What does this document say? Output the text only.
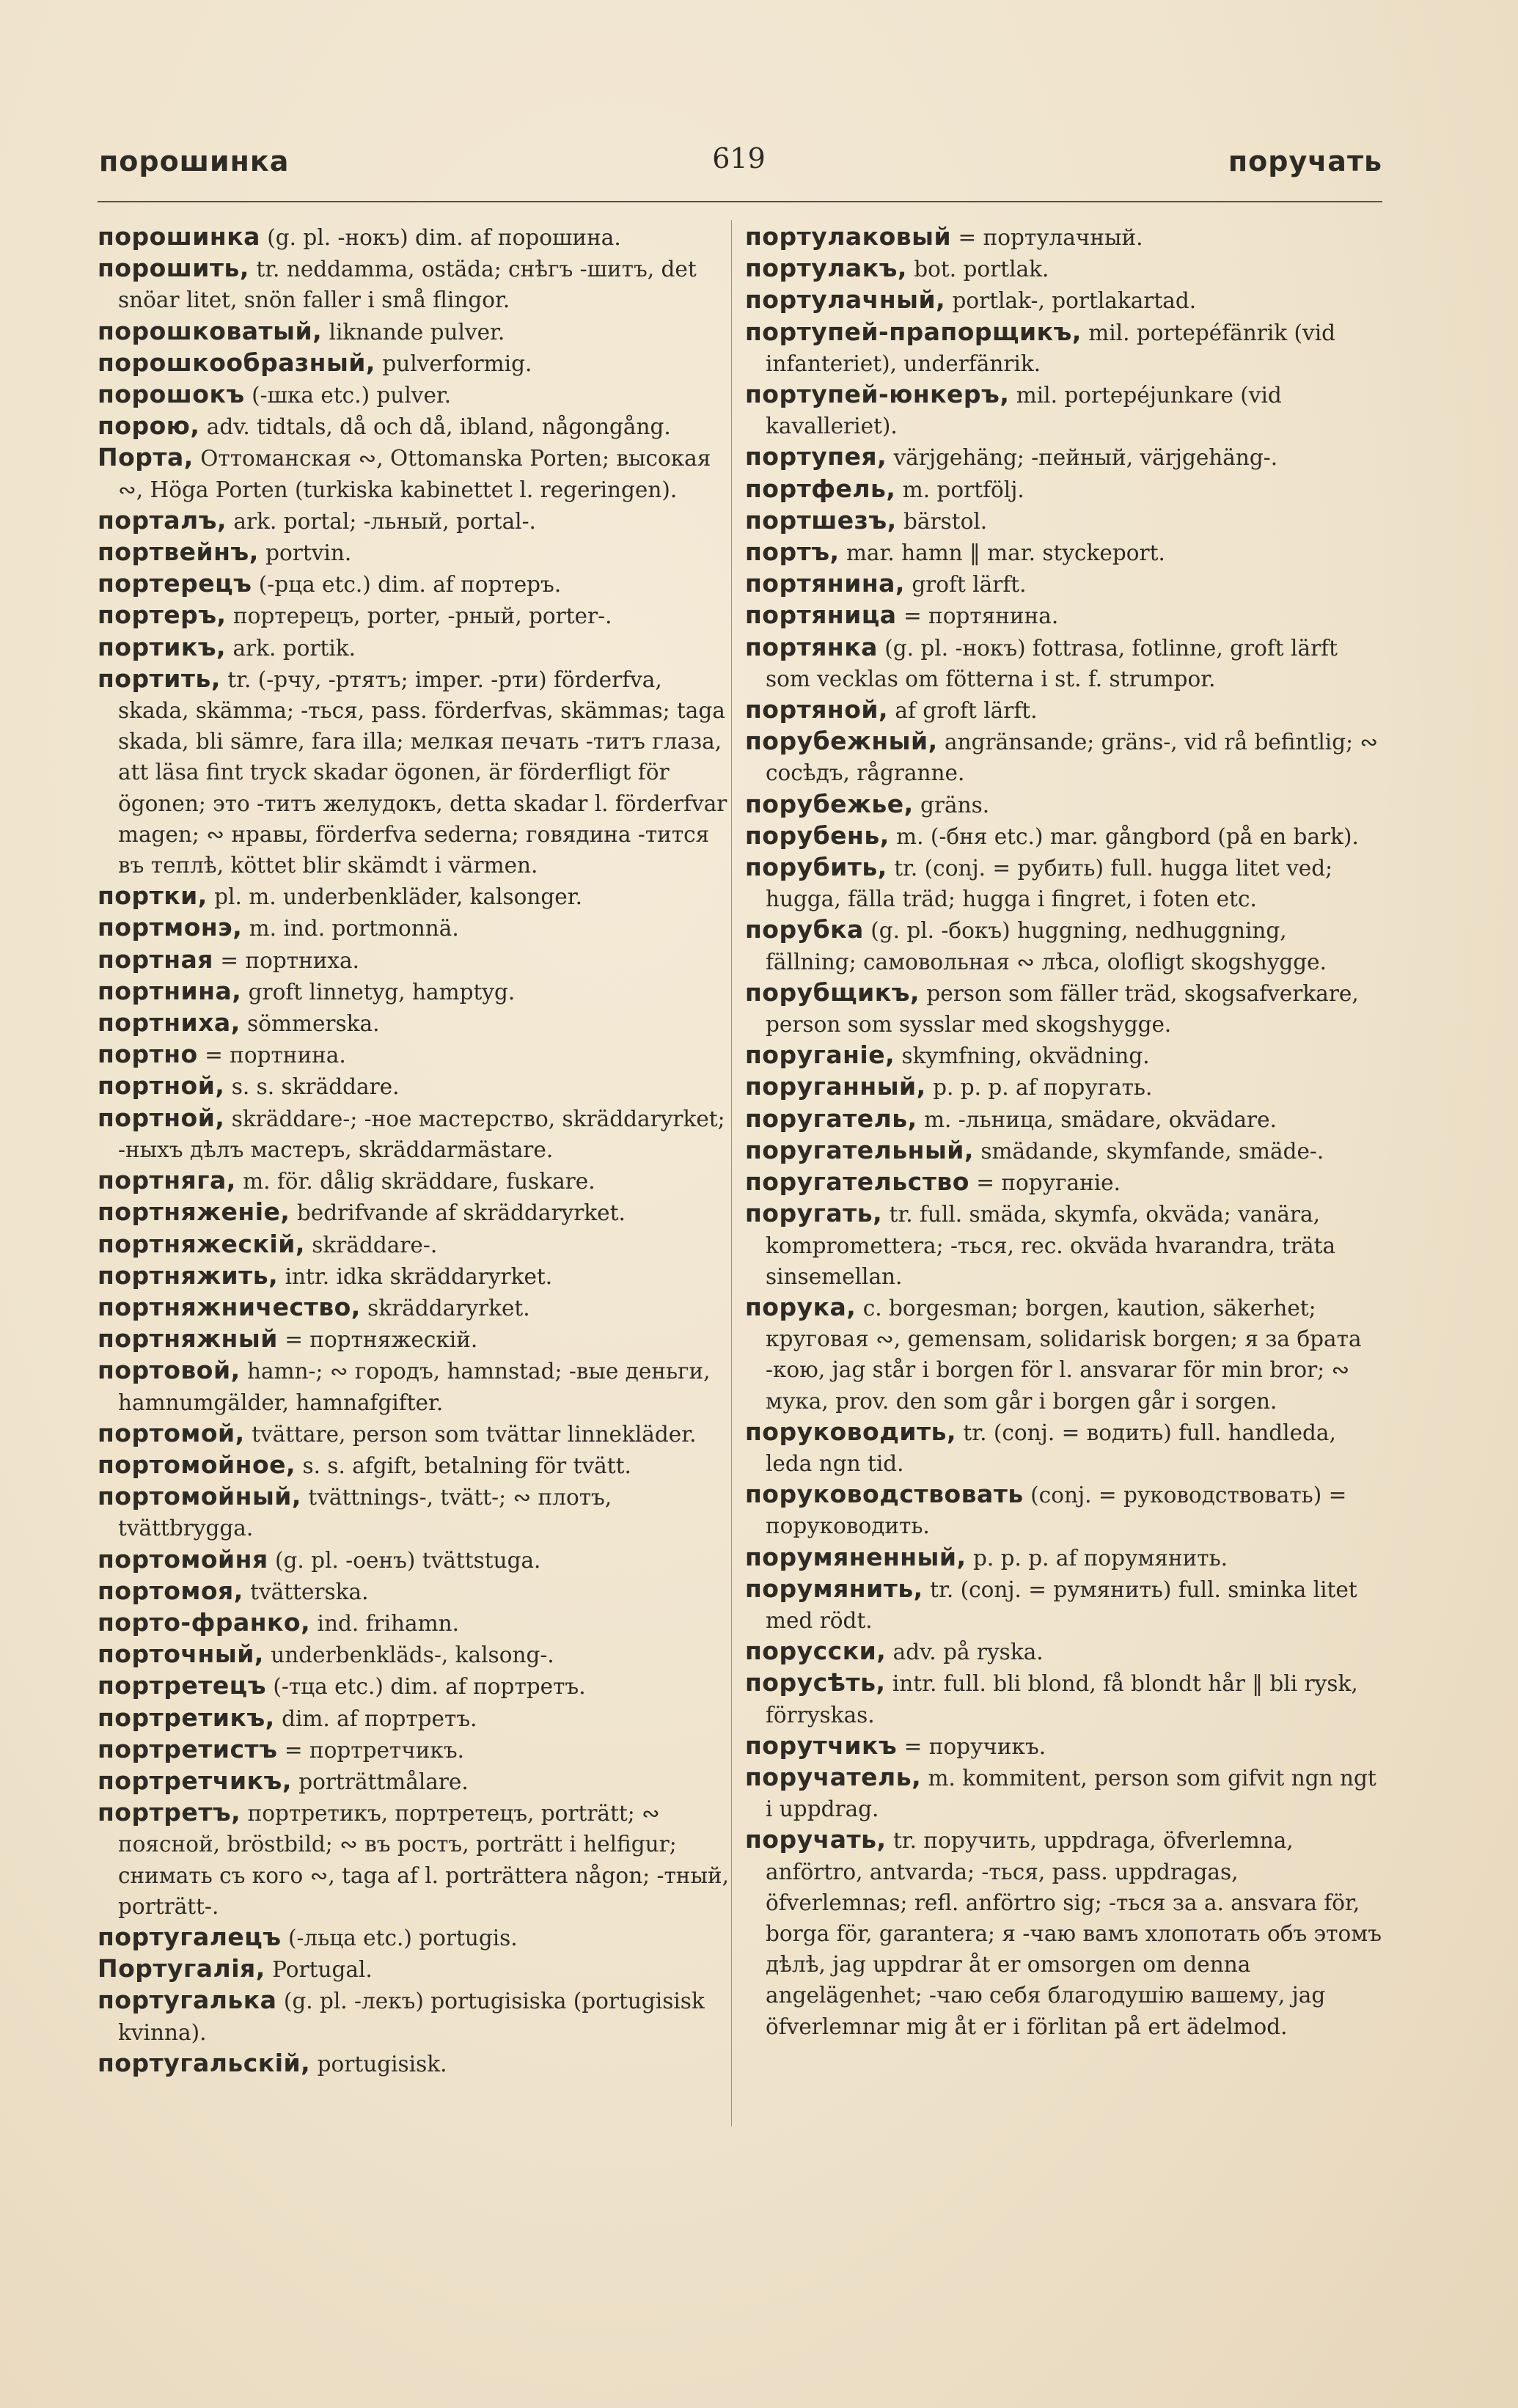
порошинка	619	поручать

порошинка (g. pl. -нокъ) dim. af порошина.

порошить, tr. neddamma, ostäda; снѣгъ -шитъ, det snöar litet, snön faller i små flingor.

порошковатый, liknande pulver.

порошкообразный, pulverformig.

порошокъ (-шка etc.) pulver.

порою, adv. tidtals, då och då, ibland, någongång.

Порта, Оттоманская ∾, Ottomanska Porten; высокая ∾, Höga Porten (turkiska kabinettet l. regeringen).

порталъ, ark. portal; -льный, portal-.

портвейнъ, portvin.

портерецъ (-рца etc.) dim. af портеръ.

портеръ, портерецъ, porter, -рный, porter-.

портикъ, ark. portik.

портить, tr. (-рчу, -ртятъ; imper. -рти) förderfva, skada, skämma; -ться, pass. förderfvas, skämmas; taga skada, bli sämre, fara illa; мелкая печать -титъ глаза, att läsa fint tryck skadar ögonen, är förderfligt för ögonen; это -титъ желудокъ, detta skadar l. förderfvar magen; ∾ нравы, förderfva sederna; говядина -тится въ теплѣ, köttet blir skämdt i värmen.

портки, pl. m. underbenkläder, kalsonger.

портмонэ, m. ind. portmonnä.

портная = портниха.

портнина, groft linnetyg, hamptyg.

портниха, sömmerska.

портно = портнина.

портной, s. s. skräddare.

портной, skräddare-; -ное мастерство, skräddaryrket; -ныхъ дѣлъ мастеръ, skräddarmästare.

портняга, m. för. dålig skräddare, fuskare.

портняженіе, bedrifvande af skräddaryrket.

портняжескій, skräddare-.

портняжить, intr. idka skräddaryrket.

портняжничество, skräddaryrket.

портняжный = портняжескій.

портовой, hamn-; ∾ городъ, hamnstad; -вые деньги, hamnumgälder, hamnafgifter.

портомой, tvättare, person som tvättar linnekläder.

портомойное, s. s. afgift, betalning för tvätt.

портомойный, tvättnings-, tvätt-; ∾ плотъ, tvättbrygga.

портомойня (g. pl. -оенъ) tvättstuga.

портомоя, tvätterska.

порто-франко, ind. frihamn.

порточный, underbenkläds-, kalsong-.

портретецъ (-тца etc.) dim. af портретъ.

портретикъ, dim. af портретъ.

портретистъ = портретчикъ.

портретчикъ, porträttmålare.

портретъ, портретикъ, портретецъ, porträtt; ∾ поясной, bröstbild; ∾ въ ростъ, porträtt i helfigur; снимать съ кого ∾, taga af l. porträttera någon; -тный, porträtt-.

португалецъ (-льца etc.) portugis.

Португалія, Portugal.

португалька (g. pl. -лекъ) portugisiska (portugisisk kvinna).

португальскій, portugisisk.

портулаковый = портулачный.

портулакъ, bot. portlak.

портулачный, portlak-, portlakartad.

портупей-прапорщикъ, mil. portepéfänrik (vid infanteriet), underfänrik.

портупей-юнкеръ, mil. portepéjunkare (vid kavalleriet).

портупея, värjgehäng; -пейный, värjgehäng-.

портфель, m. portfölj.

портшезъ, bärstol.

портъ, mar. hamn ‖ mar. styckeport.

портянина, groft lärft.

портяница = портянина.

портянка (g. pl. -нокъ) fottrasa, fotlinne, groft lärft som vecklas om fötterna i st. f. strumpor.

портяной, af groft lärft.

порубежный, angränsande; gräns-, vid rå befintlig; ∾ сосѣдъ, rågranne.

порубежье, gräns.

порубень, m. (-бня etc.) mar. gångbord (på en bark).

порубить, tr. (conj. = рубить) full. hugga litet ved; hugga, fälla träd; hugga i fingret, i foten etc.

порубка (g. pl. -бокъ) huggning, nedhuggning, fällning; самовольная ∾ лѣса, olofligt skogshygge.

порубщикъ, person som fäller träd, skogsafverkare, person som sysslar med skogshygge.

поруганіе, skymfning, okvädning.

поруганный, p. p. p. af поругать.

поругатель, m. -льница, smädare, okvädare.

поругательный, smädande, skymfande, smäde-.

поругательство = поруганіе.

поругать, tr. full. smäda, skymfa, okväda; vanära, kompromettera; -ться, rec. okväda hvarandra, träta sinsemellan.

порука, c. borgesman; borgen, kaution, säkerhet; круговая ∾, gemensam, solidarisk borgen; я за брата -кою, jag står i borgen för l. ansvarar för min bror; ∾ мука, prov. den som går i borgen går i sorgen.

поруководить, tr. (conj. = водить) full. handleda, leda ngn tid.

поруководствовать (conj. = руководствовать) = поруководить.

порумяненный, p. p. p. af порумянить.

порумянить, tr. (conj. = румянить) full. sminka litet med rödt.

порусски, adv. på ryska.

порусѣть, intr. full. bli blond, få blondt hår ‖ bli rysk, förryskas.

порутчикъ = поручикъ.

поручатель, m. kommitent, person som gifvit ngn ngt i uppdrag.

поручать, tr. поручить, uppdraga, öfverlemna, anförtro, antvarda; -ться, pass. uppdragas, öfverlemnas; refl. anförtro sig; -ться за a. ansvara för, borga för, garantera; я -чаю вамъ хлопотать объ этомъ дѣлѣ, jag uppdrar åt er omsorgen om denna angelägenhet; -чаю себя благодушію вашему, jag öfverlemnar mig åt er i förlitan på ert ädelmod.
